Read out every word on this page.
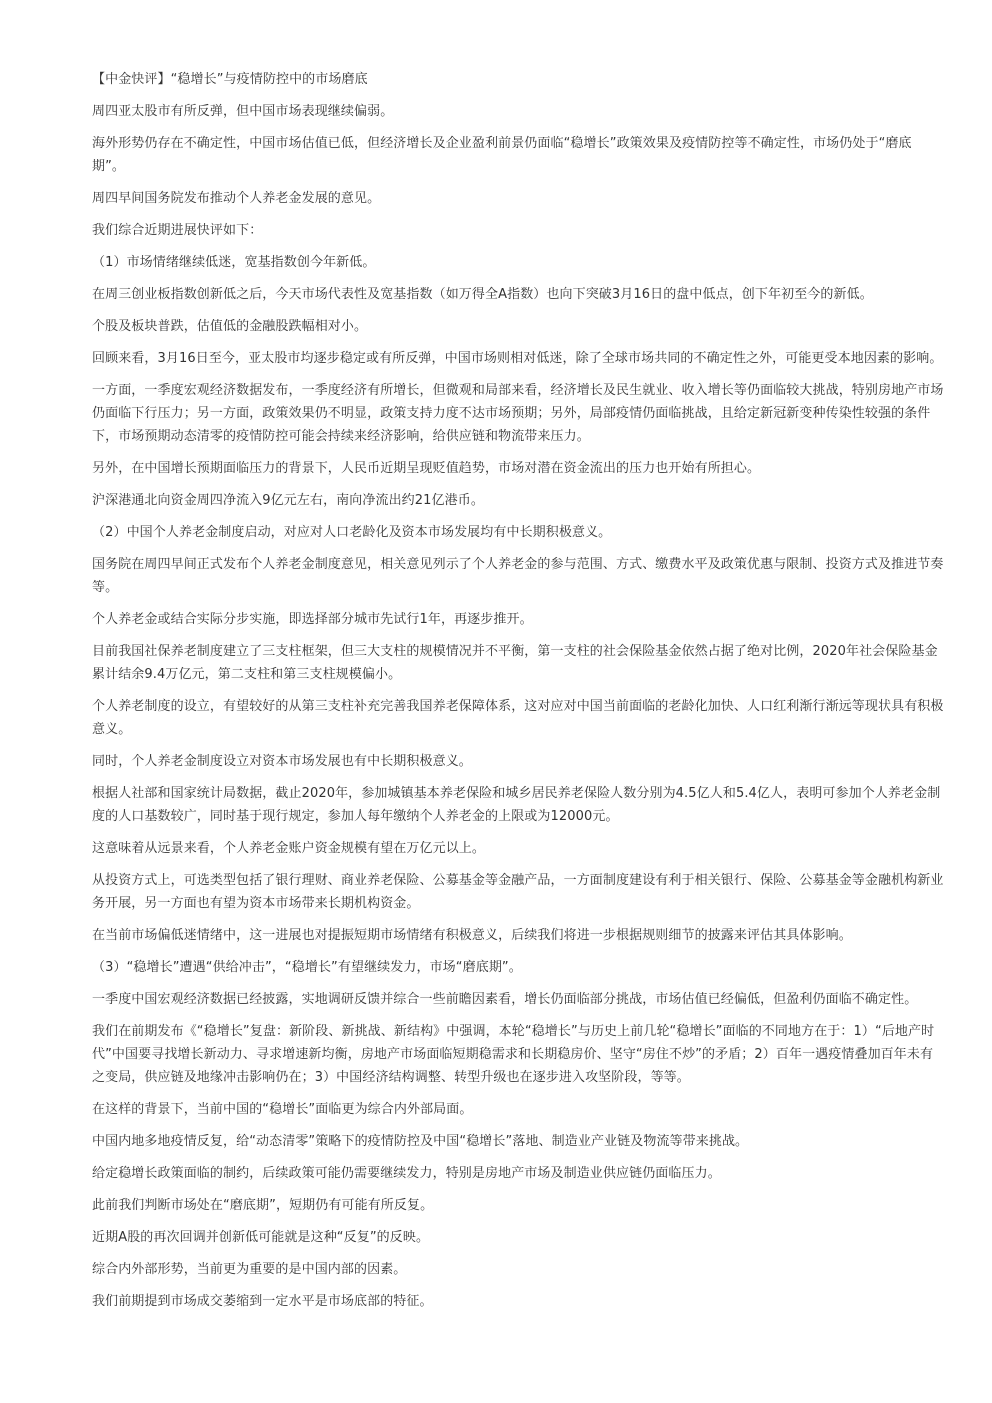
【中金快评】“稳增长”与疫情防控中的市场磨底

周四亚太股市有所反弹，但中国市场表现继续偏弱。

海外形势仍存在不确定性，中国市场估值已低，但经济增长及企业盈利前景仍面临“稳增长”政策效果及疫情防控等不确定性，市场仍处于“磨底期”。

周四早间国务院发布推动个人养老金发展的意见。

我们综合近期进展快评如下：

（1）市场情绪继续低迷，宽基指数创今年新低。

在周三创业板指数创新低之后，今天市场代表性及宽基指数（如万得全A指数）也向下突破3月16日的盘中低点，创下年初至今的新低。

个股及板块普跌，估值低的金融股跌幅相对小。

回顾来看，3月16日至今，亚太股市均逐步稳定或有所反弹，中国市场则相对低迷，除了全球市场共同的不确定性之外，可能更受本地因素的影响。

一方面，一季度宏观经济数据发布，一季度经济有所增长，但微观和局部来看，经济增长及民生就业、收入增长等仍面临较大挑战，特别房地产市场仍面临下行压力；另一方面，政策效果仍不明显，政策支持力度不达市场预期；另外，局部疫情仍面临挑战，且给定新冠新变种传染性较强的条件下，市场预期动态清零的疫情防控可能会持续来经济影响，给供应链和物流带来压力。

另外，在中国增长预期面临压力的背景下，人民币近期呈现贬值趋势，市场对潜在资金流出的压力也开始有所担心。

沪深港通北向资金周四净流入9亿元左右，南向净流出约21亿港币。

（2）中国个人养老金制度启动，对应对人口老龄化及资本市场发展均有中长期积极意义。

国务院在周四早间正式发布个人养老金制度意见，相关意见列示了个人养老金的参与范围、方式、缴费水平及政策优惠与限制、投资方式及推进节奏等。

个人养老金或结合实际分步实施，即选择部分城市先试行1年，再逐步推开。

目前我国社保养老制度建立了三支柱框架，但三大支柱的规模情况并不平衡，第一支柱的社会保险基金依然占据了绝对比例，2020年社会保险基金累计结余9.4万亿元，第二支柱和第三支柱规模偏小。

个人养老制度的设立，有望较好的从第三支柱补充完善我国养老保障体系，这对应对中国当前面临的老龄化加快、人口红利渐行渐远等现状具有积极意义。

同时，个人养老金制度设立对资本市场发展也有中长期积极意义。

根据人社部和国家统计局数据，截止2020年，参加城镇基本养老保险和城乡居民养老保险人数分别为4.5亿人和5.4亿人，表明可参加个人养老金制度的人口基数较广，同时基于现行规定，参加人每年缴纳个人养老金的上限或为12000元。

这意味着从远景来看，个人养老金账户资金规模有望在万亿元以上。

从投资方式上，可选类型包括了银行理财、商业养老保险、公募基金等金融产品，一方面制度建设有利于相关银行、保险、公募基金等金融机构新业务开展，另一方面也有望为资本市场带来长期机构资金。

在当前市场偏低迷情绪中，这一进展也对提振短期市场情绪有积极意义，后续我们将进一步根据规则细节的披露来评估其具体影响。

（3）“稳增长”遭遇“供给冲击”，“稳增长”有望继续发力，市场“磨底期”。

一季度中国宏观经济数据已经披露，实地调研反馈并综合一些前瞻因素看，增长仍面临部分挑战，市场估值已经偏低，但盈利仍面临不确定性。

我们在前期发布《“稳增长”复盘：新阶段、新挑战、新结构》中强调，本轮“稳增长”与历史上前几轮“稳增长”面临的不同地方在于：1）“后地产时代”中国要寻找增长新动力、寻求增速新均衡，房地产市场面临短期稳需求和长期稳房价、坚守“房住不炒”的矛盾；2）百年一遇疫情叠加百年未有之变局，供应链及地缘冲击影响仍在；3）中国经济结构调整、转型升级也在逐步进入攻坚阶段，等等。

在这样的背景下，当前中国的“稳增长”面临更为综合内外部局面。

中国内地多地疫情反复，给“动态清零”策略下的疫情防控及中国“稳增长”落地、制造业产业链及物流等带来挑战。

给定稳增长政策面临的制约，后续政策可能仍需要继续发力，特别是房地产市场及制造业供应链仍面临压力。

此前我们判断市场处在“磨底期”，短期仍有可能有所反复。

近期A股的再次回调并创新低可能就是这种“反复”的反映。

综合内外部形势，当前更为重要的是中国内部的因素。

我们前期提到市场成交萎缩到一定水平是市场底部的特征。
